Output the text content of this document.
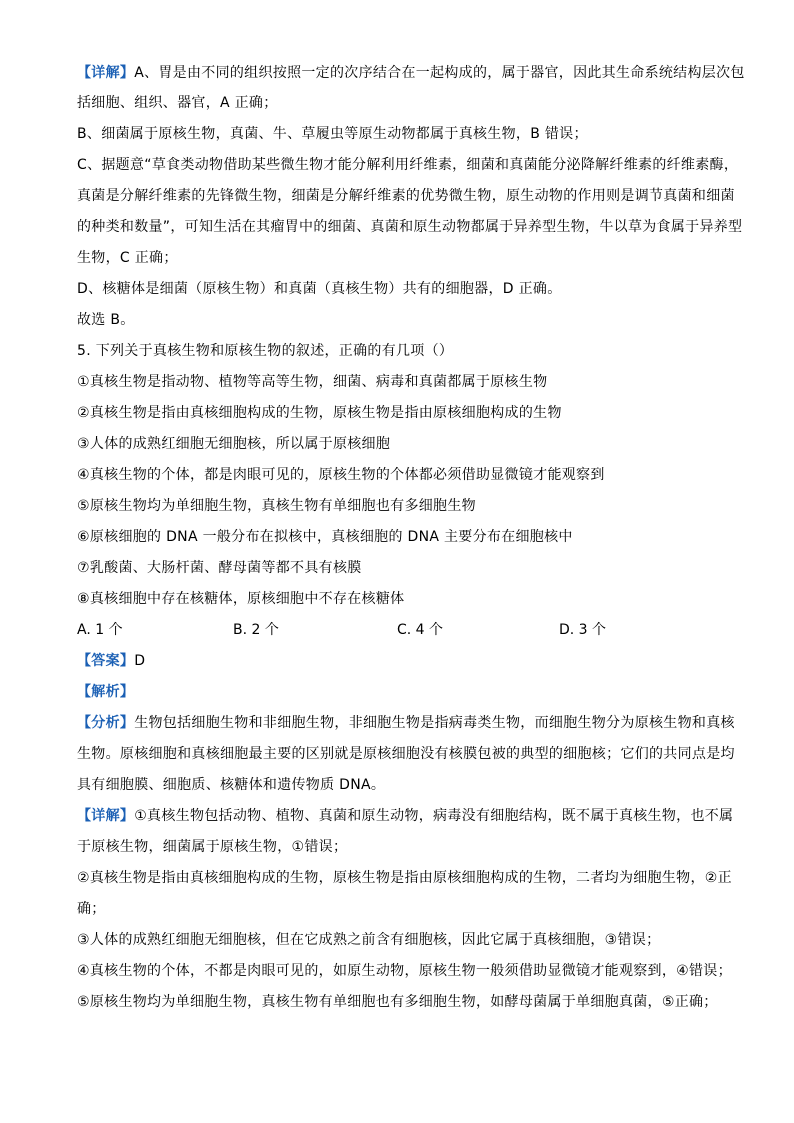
【详解】A、胃是由不同的组织按照一定的次序结合在一起构成的，属于器官，因此其生命系统结构层次包
括细胞、组织、器官，A 正确；
B、细菌属于原核生物，真菌、牛、草履虫等原生动物都属于真核生物，B 错误；
C、据题意“草食类动物借助某些微生物才能分解利用纤维素，细菌和真菌能分泌降解纤维素的纤维素酶，
真菌是分解纤维素的先锋微生物，细菌是分解纤维素的优势微生物，原生动物的作用则是调节真菌和细菌
的种类和数量”，可知生活在其瘤胃中的细菌、真菌和原生动物都属于异养型生物，牛以草为食属于异养型
生物，C 正确；
D、核糖体是细菌（原核生物）和真菌（真核生物）共有的细胞器，D 正确。
故选 B。
5. 下列关于真核生物和原核生物的叙述，正确的有几项（）
①真核生物是指动物、植物等高等生物，细菌、病毒和真菌都属于原核生物
②真核生物是指由真核细胞构成的生物，原核生物是指由原核细胞构成的生物
③人体的成熟红细胞无细胞核，所以属于原核细胞
④真核生物的个体，都是肉眼可见的，原核生物的个体都必须借助显微镜才能观察到
⑤原核生物均为单细胞生物，真核生物有单细胞也有多细胞生物
⑥原核细胞的 DNA 一般分布在拟核中，真核细胞的 DNA 主要分布在细胞核中
⑦乳酸菌、大肠杆菌、酵母菌等都不具有核膜
⑧真核细胞中存在核糖体，原核细胞中不存在核糖体
A. 1 个	B. 2 个	C. 4 个	D. 3 个
【答案】D
【解析】
【分析】生物包括细胞生物和非细胞生物，非细胞生物是指病毒类生物，而细胞生物分为原核生物和真核
生物。原核细胞和真核细胞最主要的区别就是原核细胞没有核膜包被的典型的细胞核；它们的共同点是均
具有细胞膜、细胞质、核糖体和遗传物质 DNA。
【详解】①真核生物包括动物、植物、真菌和原生动物，病毒没有细胞结构，既不属于真核生物，也不属
于原核生物，细菌属于原核生物，①错误；
②真核生物是指由真核细胞构成的生物，原核生物是指由原核细胞构成的生物，二者均为细胞生物，②正
确；
③人体的成熟红细胞无细胞核，但在它成熟之前含有细胞核，因此它属于真核细胞，③错误；
④真核生物的个体，不都是肉眼可见的，如原生动物，原核生物一般须借助显微镜才能观察到，④错误；
⑤原核生物均为单细胞生物，真核生物有单细胞也有多细胞生物，如酵母菌属于单细胞真菌，⑤正确；
